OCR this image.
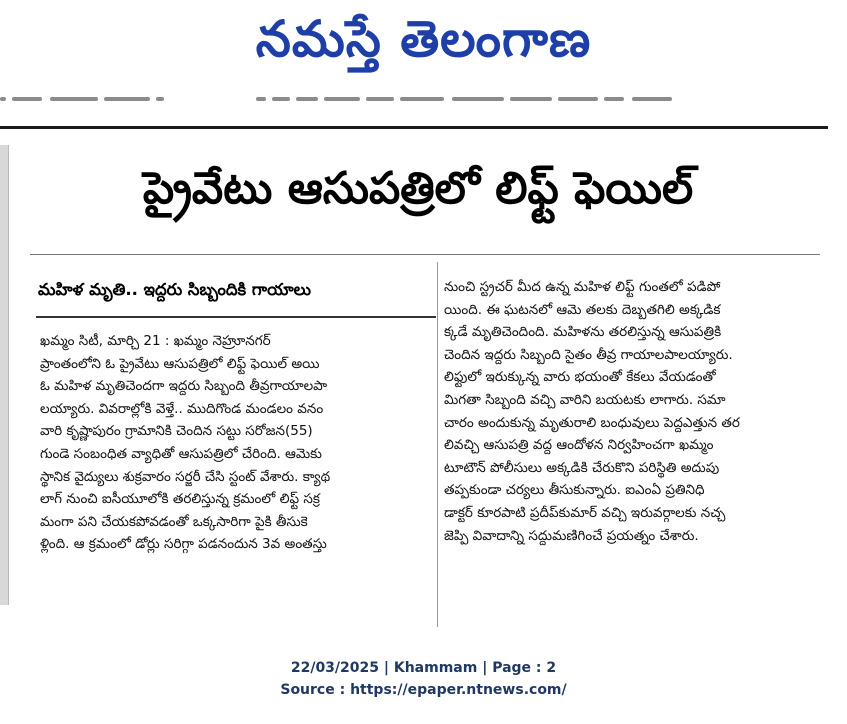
నమస్తే తెలంగాణ
ప్రైవేటు ఆసుపత్రిలో లిఫ్ట్ ఫెయిల్
మహిళ మృతి.. ఇద్దరు సిబ్బందికి గాయాలు
ఖమ్మం సిటీ, మార్చి 21 : ఖమ్మం నెహ్రూనగర్
ప్రాంతంలోని ఓ ప్రైవేటు ఆసుపత్రిలో లిఫ్ట్ ఫెయిల్ అయి
ఓ మహిళ మృతిచెందగా ఇద్దరు సిబ్బంది తీవ్రగాయాలపా
లయ్యారు. వివరాల్లోకి వెళ్తే.. ముదిగొండ మండలం వనం
వారి కృష్ణాపురం గ్రామానికి చెందిన సట్టు సరోజన(55)
గుండె సంబంధిత వ్యాధితో ఆసుపత్రిలో చేరింది. ఆమెకు
స్థానిక వైద్యులు శుక్రవారం సర్జరీ చేసి స్టంట్ వేశారు. క్యాథ
లాగ్ నుంచి ఐసీయూలోకి తరలిస్తున్న క్రమంలో లిఫ్ట్ సక్ర
మంగా పని చేయకపోవడంతో ఒక్కసారిగా పైకి తీసుకె
ళ్లింది. ఆ క్రమంలో డోర్లు సరిగ్గా పడనందున 3వ అంతస్తు
నుంచి స్ట్రచర్ మీద ఉన్న మహిళ లిఫ్ట్ గుంతలో పడిపో
యింది. ఈ ఘటనలో ఆమె తలకు దెబ్బతగిలి అక్కడిక
క్కడే మృతిచెందింది. మహిళను తరలిస్తున్న ఆసుపత్రికి
చెందిన ఇద్దరు సిబ్బంది సైతం తీవ్ర గాయాలపాలయ్యారు.
లిఫ్టులో ఇరుక్కున్న వారు భయంతో కేకలు వేయడంతో
మిగతా సిబ్బంది వచ్చి వారిని బయటకు లాగారు. సమా
చారం అందుకున్న మృతురాలి బంధువులు పెద్దఎత్తున తర
లివచ్చి ఆసుపత్రి వద్ద ఆందోళన నిర్వహించగా ఖమ్మం
టూటౌన్ పోలీసులు అక్కడికి చేరుకొని పరిస్థితి అదుపు
తప్పకుండా చర్యలు తీసుకున్నారు. ఐఎంఏ ప్రతినిధి
డాక్టర్ కూరపాటి ప్రదీప్‌కుమార్ వచ్చి ఇరువర్గాలకు నచ్చ
జెప్పి వివాదాన్ని సద్దుమణిగించే ప్రయత్నం చేశారు.
22/03/2025 | Khammam | Page : 2
Source : https://epaper.ntnews.com/
